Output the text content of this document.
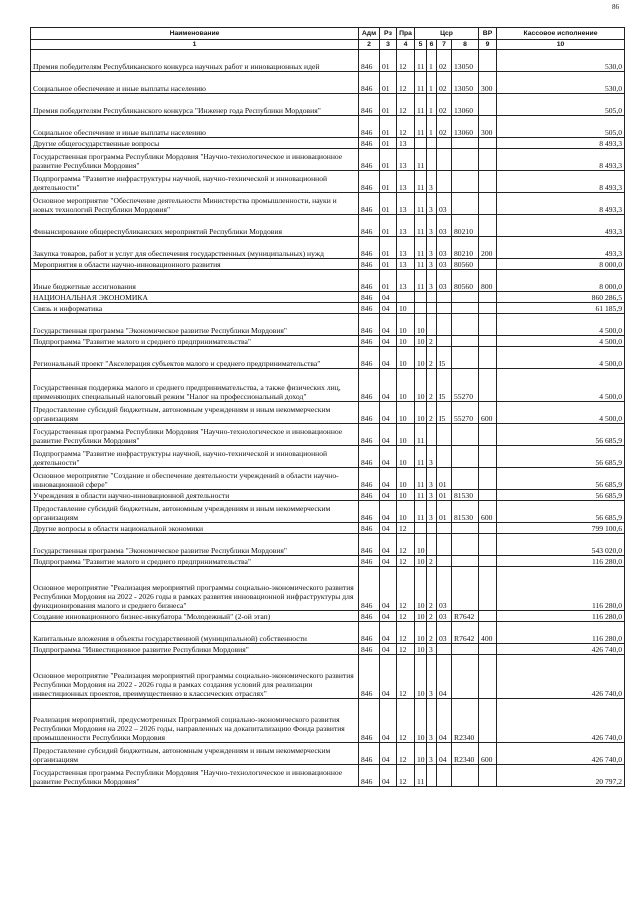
86
Наименование	Адм	Рз	Пра	Цср				ВР	Кассовое исполнение
1	2	3	4	5	6	7	8	9	10
Премия победителям Республиканского конкурса научных работ и инновационных идей	846	01	12	11	1	02	13050		530,0
Социальное обеспечение и иные выплаты населению	846	01	12	11	1	02	13050	300	530,0
Премия победителям Республиканского конкурса "Инженер года Республики Мордовия"	846	01	12	11	1	02	13060		505,0
Социальное обеспечение и иные выплаты населению	846	01	12	11	1	02	13060	300	505,0
Другие общегосударственные вопросы	846	01	13						8 493,3
Государственная программа Республики Мордовия "Научно-технологическое и инновационное развитие Республики Мордовия"	846	01	13	11					8 493,3
Подпрограмма "Развитие инфраструктуры научной, научно-технической и инновационной деятельности"	846	01	13	11	3				8 493,3
Основное мероприятие "Обеспечение деятельности Министерства промышленности, науки и новых технологий Республики Мордовия"	846	01	13	11	3	03			8 493,3
Финансирование общереспубликанских мероприятий Республики Мордовия	846	01	13	11	3	03	80210		493,3
Закупка товаров, работ и услуг для обеспечения государственных (муниципальных) нужд	846	01	13	11	3	03	80210	200	493,3
Мероприятия в области научно-инновационного развития	846	01	13	11	3	03	80560		8 000,0
Иные бюджетные ассигнования	846	01	13	11	3	03	80560	800	8 000,0
НАЦИОНАЛЬНАЯ ЭКОНОМИКА	846	04							860 286,5
Связь и информатика	846	04	10						61 185,9
Государственная программа "Экономическое развитие Республики Мордовия"	846	04	10	10					4 500,0
Подпрограмма "Развитие малого и среднего предпринимательства"	846	04	10	10	2				4 500,0
Региональный проект "Акселерация субъектов малого и среднего предпринимательства"	846	04	10	10	2	I5			4 500,0
Государственная поддержка малого и среднего предпринимательства, а также физических лиц, применяющих специальный налоговый режим "Налог на профессиональный доход"	846	04	10	10	2	I5	55270		4 500,0
Предоставление субсидий бюджетным, автономным учреждениям и иным некоммерческим организациям	846	04	10	10	2	I5	55270	600	4 500,0
Государственная программа Республики Мордовия "Научно-технологическое и инновационное развитие Республики Мордовия"	846	04	10	11					56 685,9
Подпрограмма "Развитие инфраструктуры научной, научно-технической и инновационной деятельности"	846	04	10	11	3				56 685,9
Основное мероприятие "Создание и обеспечение деятельности учреждений в области научно-инновационной сфере"	846	04	10	11	3	01			56 685,9
Учреждения в области научно-инновационной деятельности	846	04	10	11	3	01	81530		56 685,9
Предоставление субсидий бюджетным, автономным учреждениям и иным некоммерческим организациям	846	04	10	11	3	01	81530	600	56 685,9
Другие вопросы в области национальной экономики	846	04	12						799 100,6
Государственная программа "Экономическое развитие Республики Мордовия"	846	04	12	10					543 020,0
Подпрограмма "Развитие малого и среднего предпринимательства"	846	04	12	10	2				116 280,0
Основное мероприятие "Реализация мероприятий программы социально-экономического развития Республики Мордовия на 2022 - 2026 годы в рамках развития инновационной инфраструктуры для функционирования малого и среднего бизнеса"	846	04	12	10	2	03			116 280,0
Создание инновационного бизнес-инкубатора "Молодежный" (2-ой этап)	846	04	12	10	2	03	R7642		116 280,0
Капитальные вложения в объекты государственной (муниципальной) собственности	846	04	12	10	2	03	R7642	400	116 280,0
Подпрограмма "Инвестиционное развитие Республики Мордовия"	846	04	12	10	3				426 740,0
Основное мероприятие "Реализация мероприятий программы социально-экономического развития Республики Мордовия на 2022 - 2026 годы в рамках создания условий для реализации инвестиционных проектов, преимущественно в классических отраслях"	846	04	12	10	3	04			426 740,0
Реализация мероприятий, предусмотренных Программой социально-экономического развития Республики Мордовия на 2022 – 2026 годы, направленных на докапитализацию Фонда развития промышленности Республики Мордовия	846	04	12	10	3	04	R2340		426 740,0
Предоставление субсидий бюджетным, автономным учреждениям и иным некоммерческим организациям	846	04	12	10	3	04	R2340	600	426 740,0
Государственная программа Республики Мордовия "Научно-технологическое и инновационное развитие Республики Мордовия"	846	04	12	11					20 797,2
